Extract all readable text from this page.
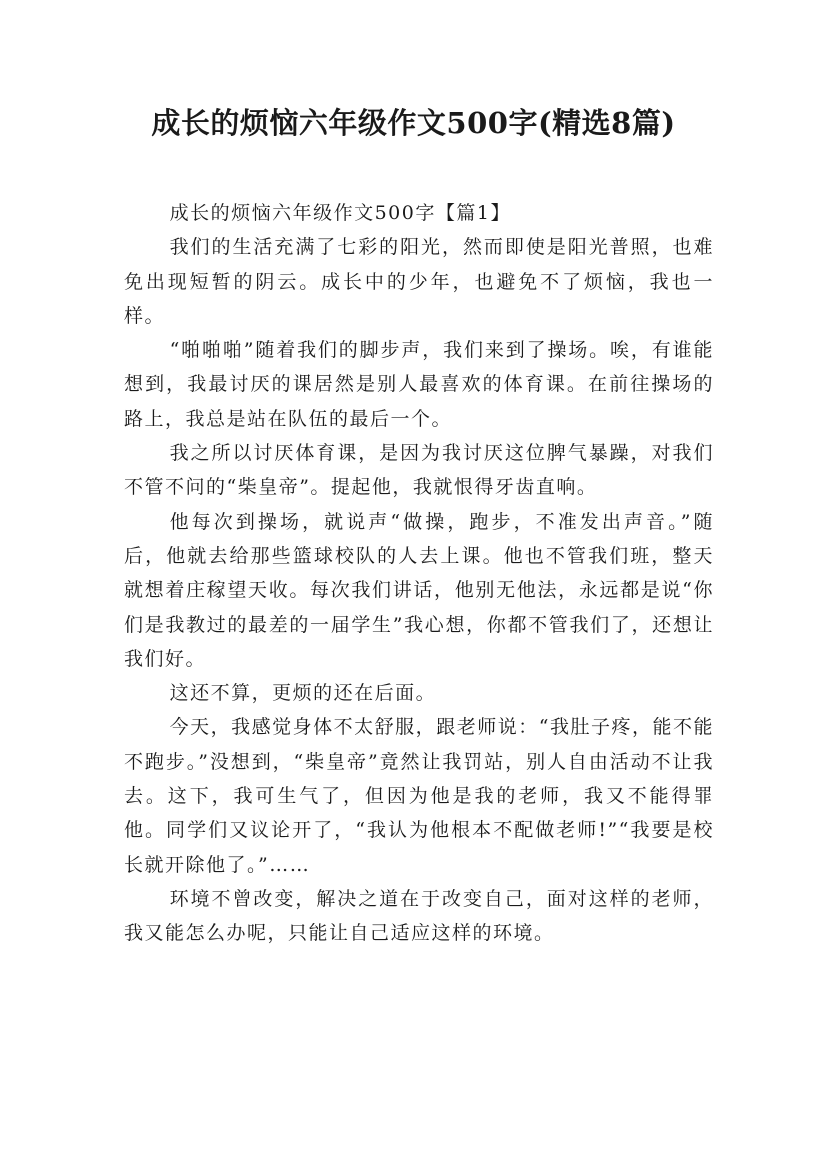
成长的烦恼六年级作文500字(精选8篇)

成长的烦恼六年级作文500字【篇1】

我们的生活充满了七彩的阳光，然而即使是阳光普照，也难免出现短暂的阴云。成长中的少年，也避免不了烦恼，我也一样。

“啪啪啪”随着我们的脚步声，我们来到了操场。唉，有谁能想到，我最讨厌的课居然是别人最喜欢的体育课。在前往操场的路上，我总是站在队伍的最后一个。

我之所以讨厌体育课，是因为我讨厌这位脾气暴躁，对我们不管不问的“柴皇帝”。提起他，我就恨得牙齿直响。

他每次到操场，就说声“做操，跑步，不准发出声音。”随后，他就去给那些篮球校队的人去上课。他也不管我们班，整天就想着庄稼望天收。每次我们讲话，他别无他法，永远都是说“你们是我教过的最差的一届学生”我心想，你都不管我们了，还想让我们好。

这还不算，更烦的还在后面。

今天，我感觉身体不太舒服，跟老师说：“我肚子疼，能不能不跑步。”没想到，“柴皇帝”竟然让我罚站，别人自由活动不让我去。这下，我可生气了，但因为他是我的老师，我又不能得罪他。同学们又议论开了，“我认为他根本不配做老师!”“我要是校长就开除他了。”……

环境不曾改变，解决之道在于改变自己，面对这样的老师，我又能怎么办呢，只能让自己适应这样的环境。
